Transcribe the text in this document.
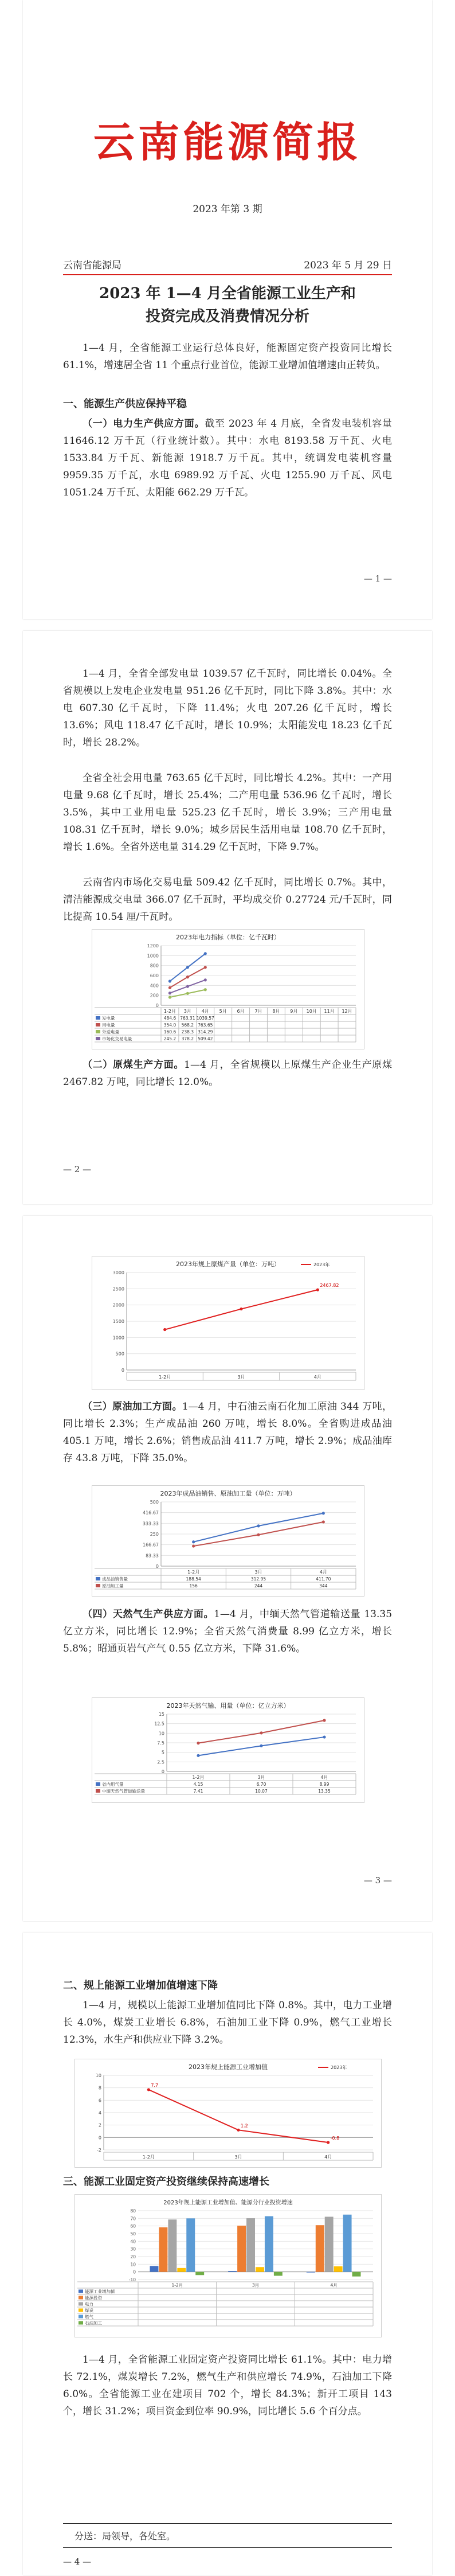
云南能源简报
2023 年第 3 期
云南省能源局	2023 年 5 月 29 日
2023 年 1—4 月全省能源工业生产和
投资完成及消费情况分析

1—4 月，全省能源工业运行总体良好，能源固定资产投资同比增长 61.1%，增速居全省 11 个重点行业首位，能源工业增加值增速由正转负。

一、能源生产供应保持平稳

（一）电力生产供应方面。截至 2023 年 4 月底，全省发电装机容量 11646.12 万千瓦（行业统计数）。其中：水电 8193.58 万千瓦、火电 1533.84 万千瓦、新能源 1918.7 万千瓦。其中，统调发电装机容量 9959.35 万千瓦，水电 6989.92 万千瓦、火电 1255.90 万千瓦、风电 1051.24 万千瓦、太阳能 662.29 万千瓦。

— 1 —

1—4 月，全省全部发电量 1039.57 亿千瓦时，同比增长 0.04%。全省规模以上发电企业发电量 951.26 亿千瓦时，同比下降 3.8%。其中：水电 607.30 亿千瓦时，下降 11.4%；火电 207.26 亿千瓦时，增长 13.6%；风电 118.47 亿千瓦时，增长 10.9%；太阳能发电 18.23 亿千瓦时，增长 28.2%。

全省全社会用电量 763.65 亿千瓦时，同比增长 4.2%。其中：一产用电量 9.68 亿千瓦时，增长 25.4%；二产用电量 536.96 亿千瓦时，增长 3.5%，其中工业用电量 525.23 亿千瓦时，增长 3.9%；三产用电量 108.31 亿千瓦时，增长 9.0%；城乡居民生活用电量 108.70 亿千瓦时，增长 1.6%。全省外送电量 314.29 亿千瓦时，下降 9.7%。

云南省内市场化交易电量 509.42 亿千瓦时，同比增长 0.7%。其中，清洁能源成交电量 366.07 亿千瓦时，平均成交价 0.27724 元/千瓦时，同比提高 10.54 厘/千瓦时。

2023年电力指标（单位：亿千瓦时）
0
200
400
600
800
1000
1200
1-2月 3月 4月 5月 6月 7月 8月 9月 10月 11月 12月
发电量	484.6 763.31 1039.57
用电量	354.0 568.2 763.65
外送电量	160.6 238.3 314.29
市场化交易电量	245.2 378.2 509.42

（二）原煤生产方面。1—4 月，全省规模以上原煤生产企业生产原煤 2467.82 万吨，同比增长 12.0%。

— 2 —
2023年规上原煤产量（单位：万吨）
0
500
1000
1500
2000
2500
3000
2467.82
2023年
1-2月	3月	4月

（三）原油加工方面。1—4 月，中石油云南石化加工原油 344 万吨，同比增长 2.3%；生产成品油 260 万吨，增长 8.0%。全省购进成品油 405.1 万吨，增长 2.6%；销售成品油 411.7 万吨，增长 2.9%；成品油库存 43.8 万吨，下降 35.0%。

2023年成品油销售、原油加工量（单位：万吨）
0
83.33
166.67
250
333.33
416.67
500
1-2月	3月	4月
成品油销售量	188.54	312.95	411.70
原油加工量	156	244	344

（四）天然气生产供应方面。1—4 月，中缅天然气管道输送量 13.35 亿立方米，同比增长 12.9%；全省天然气消费量 8.99 亿立方米，增长 5.8%；昭通页岩气产气 0.55 亿立方米，下降 31.6%。

2023年天然气输、用量（单位：亿立方米）
0
2.5
5
7.5
10
12.5
15
1-2月	3月	4月
省内用气量	4.15	6.70	8.99
中缅天然气管道输送量	7.41	10.07	13.35
— 3 —
二、规上能源工业增加值增速下降

1—4 月，规模以上能源工业增加值同比下降 0.8%。其中，电力工业增长 4.0%，煤炭工业增长 6.8%，石油加工业下降 0.9%，燃气工业增长 12.3%，水生产和供应业下降 3.2%。

2023年规上能源工业增加值
-2
0
2
4
6
8
10
7.7
1.2
-0.8
2023年
1-2月	3月	4月
三、能源工业固定资产投资继续保持高速增长
2023年规上能源工业增加值、能源分行业投资增速
-10
0
10
20
30
40
50
60
70
80
1-2月	3月	4月
能源工业增加值
能源投资
电力
煤炭
燃气
石油加工

1—4 月，全省能源工业固定资产投资同比增长 61.1%。其中：电力增长 72.1%，煤炭增长 7.2%，燃气生产和供应增长 74.9%，石油加工下降 6.0%。全省能源工业在建项目 702 个，增长 84.3%；新开工项目 143 个，增长 31.2%；项目资金到位率 90.9%，同比增长 5.6 个百分点。

分送：局领导，各处室。
— 4 —
